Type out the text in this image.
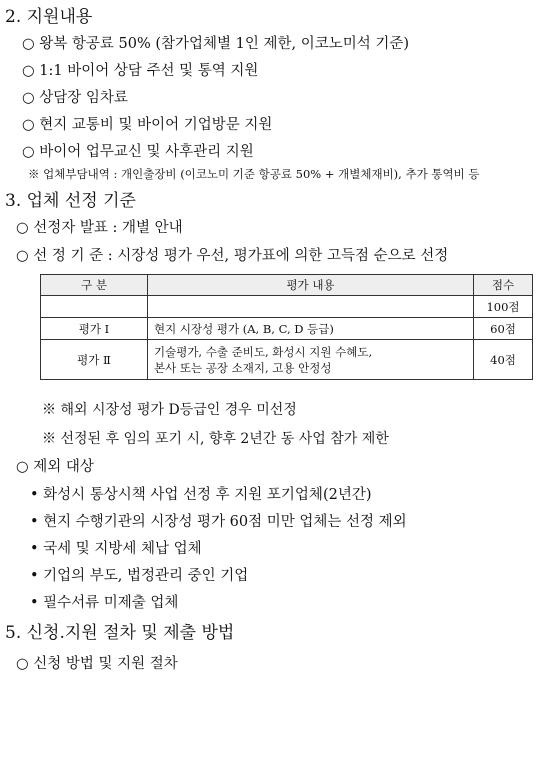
2. 지원내용
○ 왕복 항공료 50% (참가업체별 1인 제한, 이코노미석 기준)
○ 1:1 바이어 상담 주선 및 통역 지원
○ 상담장 임차료
○ 현지 교통비 및 바이어 기업방문 지원
○ 바이어 업무교신 및 사후관리 지원
※ 업체부담내역 : 개인출장비 (이코노미 기준 항공료 50% + 개별체재비), 추가 통역비 등
3. 업체 선정 기준
○ 선정자 발표 : 개별 안내
○ 선 정 기 준 : 시장성 평가 우선, 평가표에 의한 고득점 순으로 선정
구 분	평가 내용	점수
		100점
평가 Ⅰ	현지 시장성 평가 (A, B, C, D 등급)	60점
평가 Ⅱ	기술평가, 수출 준비도, 화성시 지원 수혜도,
본사 또는 공장 소재지, 고용 안정성	40점
※ 해외 시장성 평가 D등급인 경우 미선정
※ 선정된 후 임의 포기 시, 향후 2년간 동 사업 참가 제한
○ 제외 대상
• 화성시 통상시책 사업 선정 후 지원 포기업체(2년간)
• 현지 수행기관의 시장성 평가 60점 미만 업체는 선정 제외
• 국세 및 지방세 체납 업체
• 기업의 부도, 법정관리 중인 기업
• 필수서류 미제출 업체
5. 신청.지원 절차 및 제출 방법
○ 신청 방법 및 지원 절차
